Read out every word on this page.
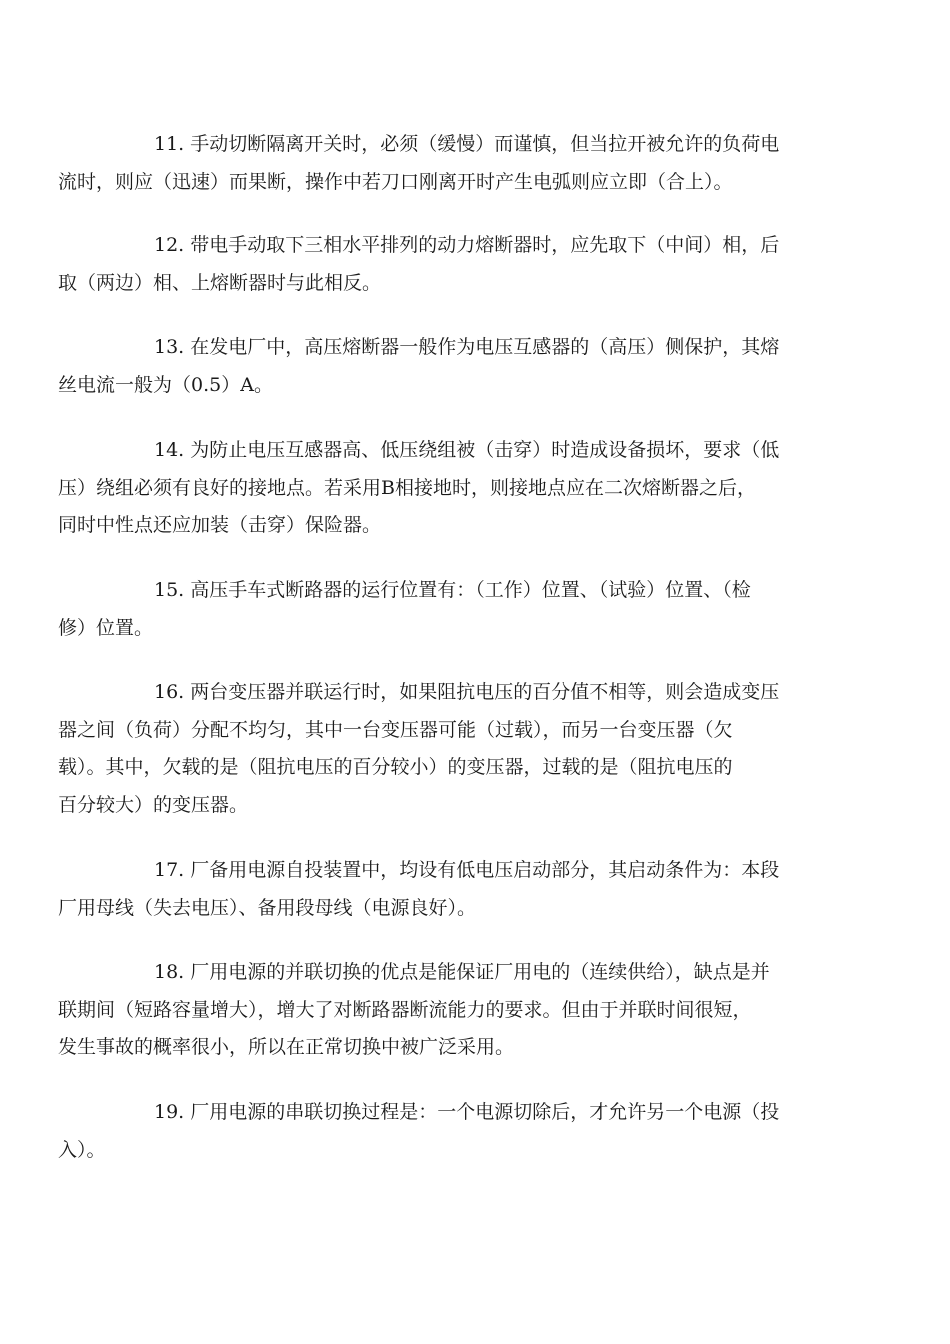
11. 手动切断隔离开关时，必须（缓慢）而谨慎，但当拉开被允许的负荷电
流时，则应（迅速）而果断，操作中若刀口刚离开时产生电弧则应立即（合上）。

12. 带电手动取下三相水平排列的动力熔断器时，应先取下（中间）相，后
取（两边）相、上熔断器时与此相反。

13. 在发电厂中，高压熔断器一般作为电压互感器的（高压）侧保护，其熔
丝电流一般为（0.5）A。

14. 为防止电压互感器高、低压绕组被（击穿）时造成设备损坏，要求（低
压）绕组必须有良好的接地点。若采用B相接地时，则接地点应在二次熔断器之后，
同时中性点还应加装（击穿）保险器。

15. 高压手车式断路器的运行位置有：（工作）位置、（试验）位置、（检
修）位置。

16. 两台变压器并联运行时，如果阻抗电压的百分值不相等，则会造成变压
器之间（负荷）分配不均匀，其中一台变压器可能（过载），而另一台变压器（欠
载）。其中，欠载的是（阻抗电压的百分较小）的变压器，过载的是（阻抗电压的
百分较大）的变压器。

17. 厂备用电源自投装置中，均设有低电压启动部分，其启动条件为：本段
厂用母线（失去电压）、备用段母线（电源良好）。

18. 厂用电源的并联切换的优点是能保证厂用电的（连续供给），缺点是并
联期间（短路容量增大），增大了对断路器断流能力的要求。但由于并联时间很短，
发生事故的概率很小，所以在正常切换中被广泛采用。

19. 厂用电源的串联切换过程是：一个电源切除后，才允许另一个电源（投
入）。
